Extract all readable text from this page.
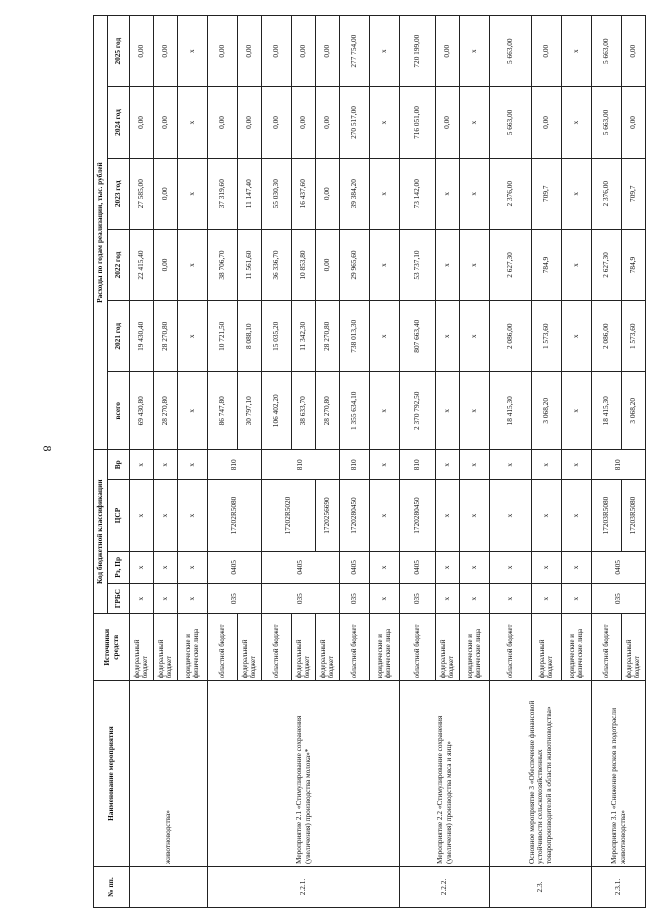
8
№ пп.	Наименование мероприятия	Источники средств	Код бюджетной классификации				Расходы по годам реализации, тыс. рублей					
			ГРБС	Рз, Пр	ЦСР	Вр	всего	2021 год	2022 год	2023 год	2024 год	2025 год
	животноводства»	федеральный бюджет	x	x	x	x	69 430,80	19 430,40	22 415,40	27 585,00	0,00	0,00
		федеральный бюджет	x	x	x	x	28 270,80	28 270,80	0,00	0,00	0,00	0,00
		юридические и физические лица	x	x	x	x	x	x	x	x	x	x
2.2.1.	Мероприятие 2.1 «Стимулирование сохранения (увеличения) производства молока»*	областной бюджет	035	0405	17202R5080	810	86 747,80	10 721,50	38 706,70	37 319,60	0,00	0,00
		федеральный бюджет					30 797,10	8 088,10	11 561,60	11 147,40	0,00	0,00
		областной бюджет	035	0405	17202R5020	810	106 402,20	15 035,20	36 336,70	55 030,30	0,00	0,00
		федеральный бюджет					38 633,70	11 342,30	10 853,80	16 437,60	0,00	0,00
		федеральный бюджет			1720256690		28 270,80	28 270,80	0,00	0,00	0,00	0,00
		областной бюджет	035	0405	1720280450	810	1 355 634,10	738 013,30	29 965,60	39 384,20	270 517,00	277 754,00
		юридические и физические лица	x	x	x	x	x	x	x	x	x	x
2.2.2.	Мероприятие 2.2 «Стимулирование сохранения (увеличения) производства мяса и яиц»	областной бюджет	035	0405	1720280450	810	2 370 792,50	807 663,40	53 737,10	73 142,00	716 051,00	720 199,00
		федеральный бюджет	x	x	x	x	x	x	x	x	0,00	0,00
		юридические и физические лица	x	x	x	x	x	x	x	x	x	x
2.3.	Основное мероприятие 3 «Обеспечение финансовой устойчивости сельскохозяйственных товаропроизводителей в области животноводства»	областной бюджет	x	x	x	x	18 415,30	2 086,00	2 627,30	2 376,00	5 663,00	5 663,00
		федеральный бюджет	x	x	x	x	3 068,20	1 573,60	784,9	709,7	0,00	0,00
		юридические и физические лица	x	x	x	x	x	x	x	x	x	x
2.3.1.	Мероприятие 3.1 «Снижение рисков в подотрасли животноводства»	областной бюджет	035	0405	17203R5080	810	18 415,30	2 086,00	2 627,30	2 376,00	5 663,00	5 663,00
		федеральный бюджет			17203R5080		3 068,20	1 573,60	784,9	709,7	0,00	0,00
